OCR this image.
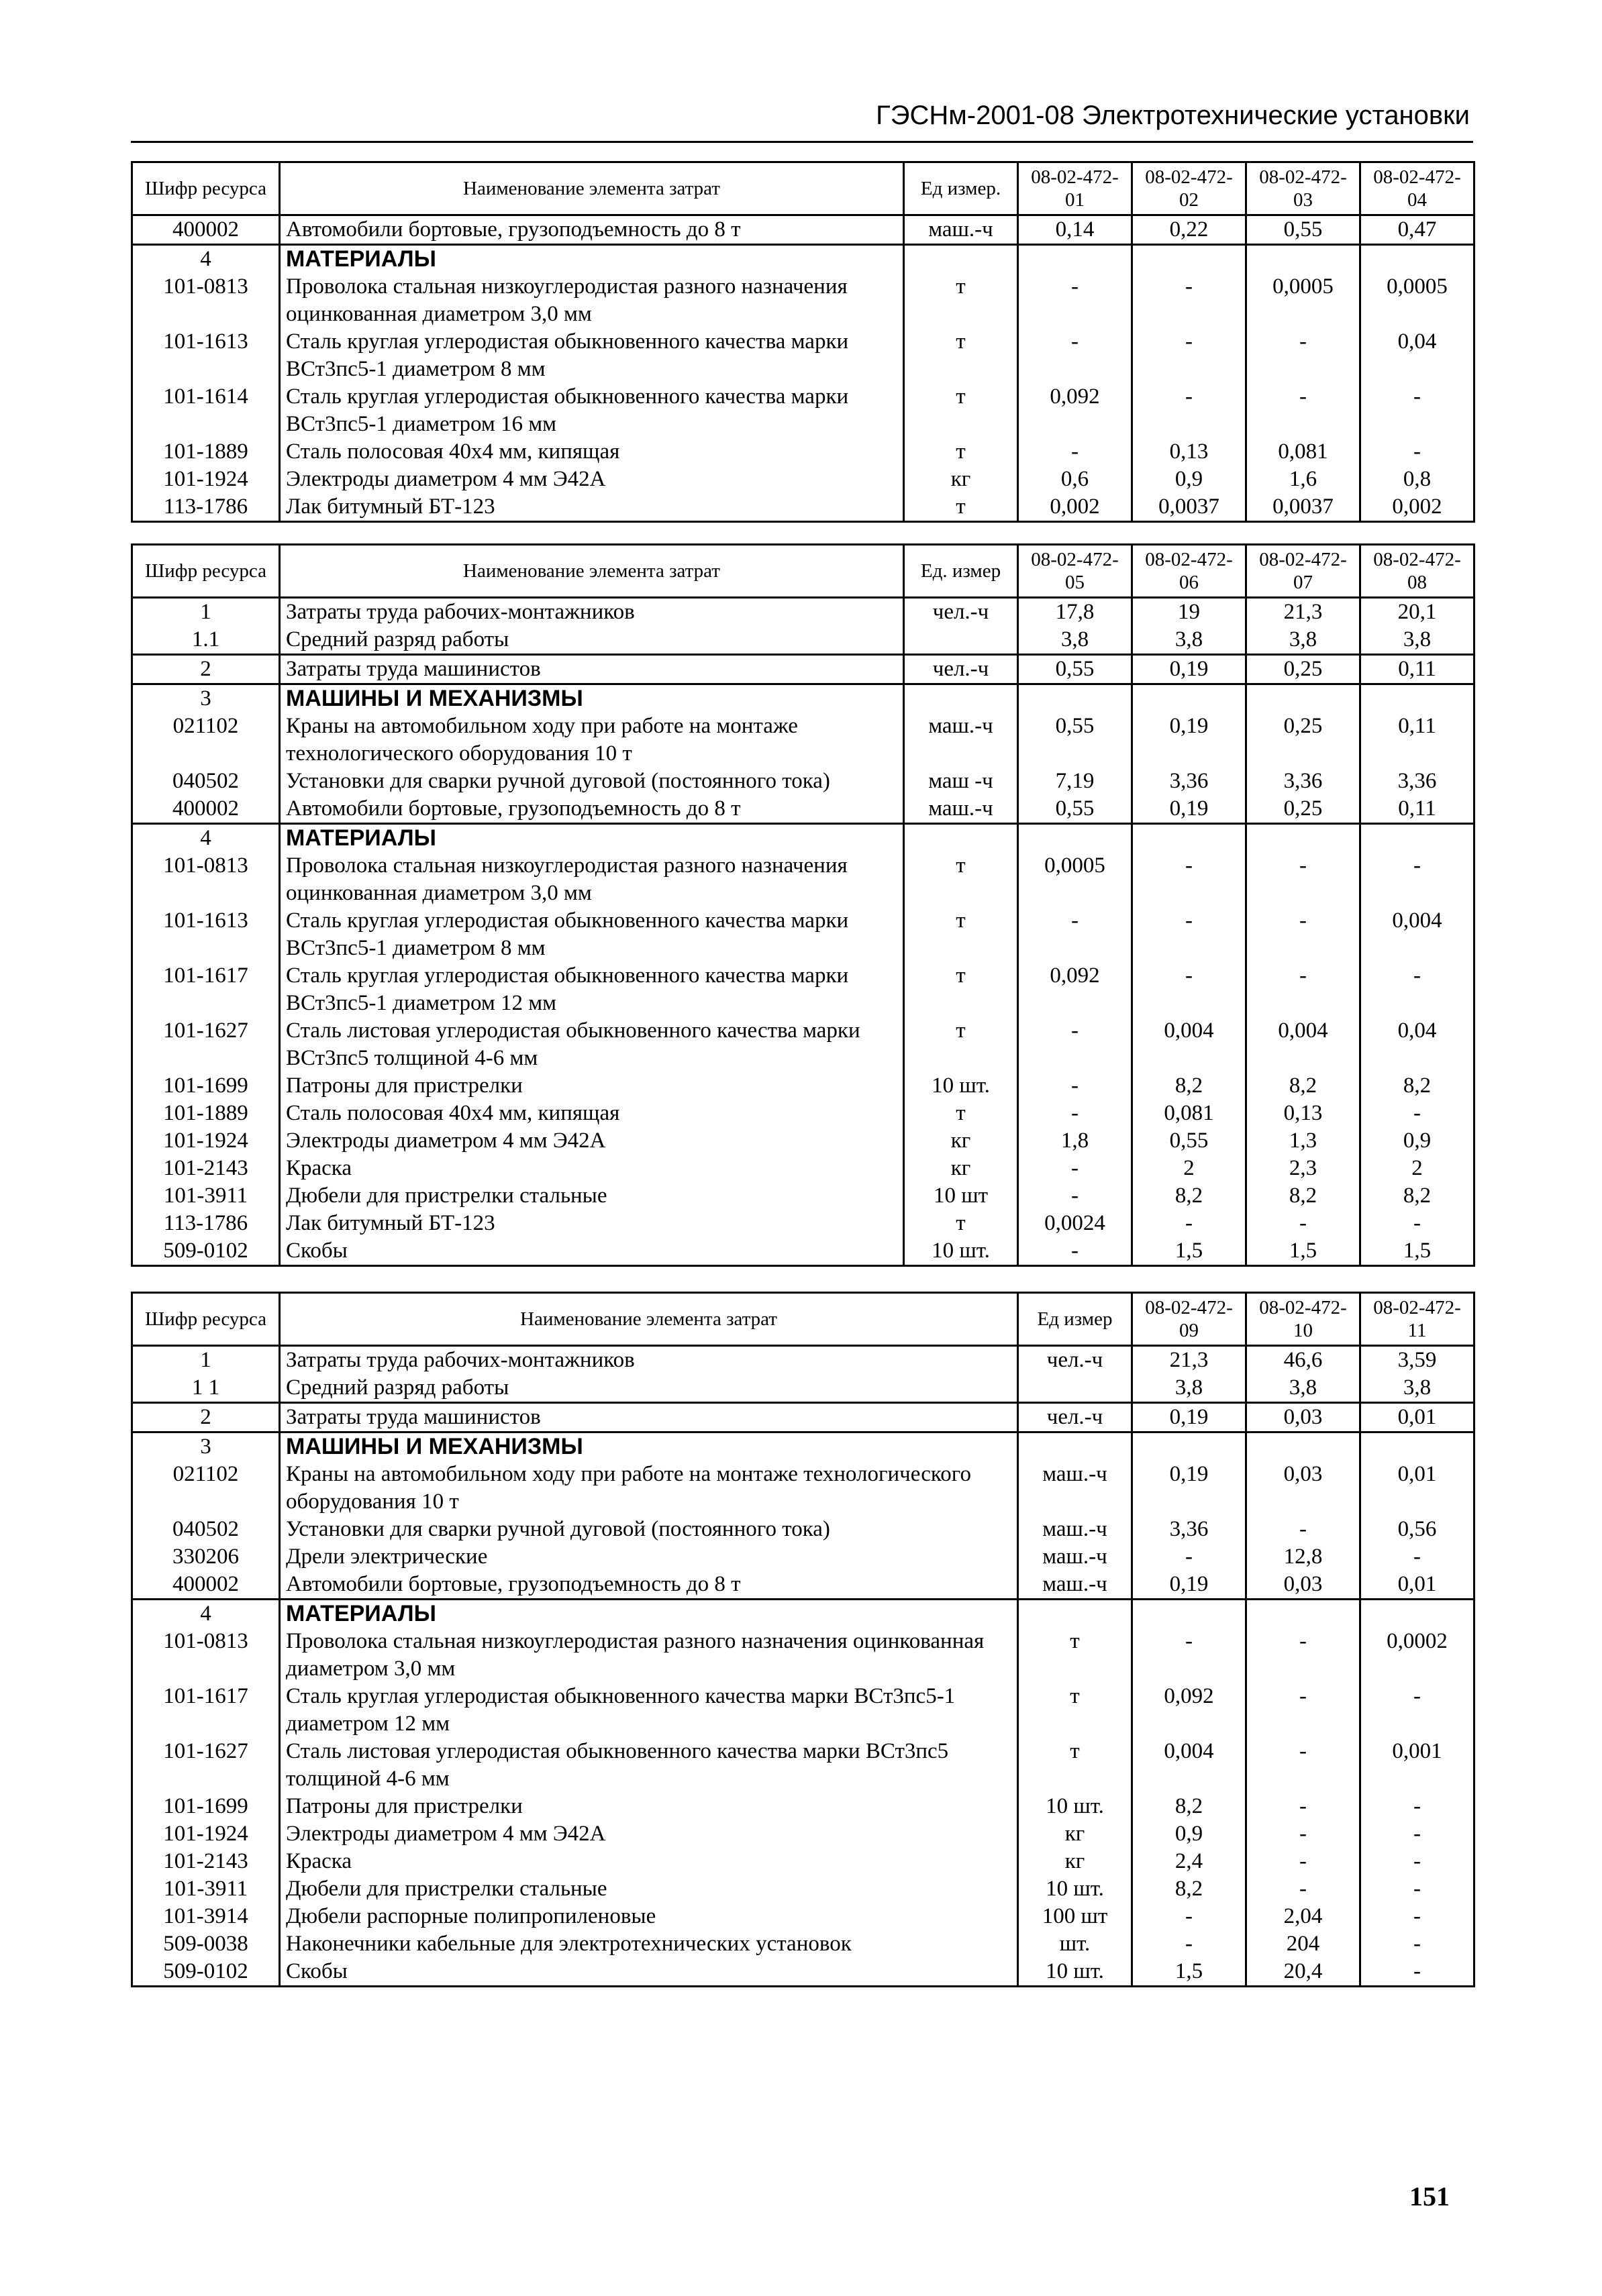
ГЭСНм-2001-08 Электротехнические установки
Шифр ресурса	Наименование элемента затрат	Ед измер.	08-02-472-01	08-02-472-02	08-02-472-03	08-02-472-04
400002	Автомобили бортовые, грузоподъемность до 8 т	маш.-ч	0,14	0,22	0,55	0,47
4	МАТЕРИАЛЫ					
101-0813	Проволока стальная низкоуглеродистая разного назначения оцинкованная диаметром 3,0 мм	т	-	-	0,0005	0,0005
101-1613	Сталь круглая углеродистая обыкновенного качества марки ВСт3пс5-1 диаметром 8 мм	т	-	-	-	0,04
101-1614	Сталь круглая углеродистая обыкновенного качества марки ВСт3пс5-1 диаметром 16 мм	т	0,092	-	-	-
101-1889	Сталь полосовая 40х4 мм, кипящая	т	-	0,13	0,081	-
101-1924	Электроды диаметром 4 мм Э42А	кг	0,6	0,9	1,6	0,8
113-1786	Лак битумный БТ-123	т	0,002	0,0037	0,0037	0,002
Шифр ресурса	Наименование элемента затрат	Ед. измер	08-02-472-05	08-02-472-06	08-02-472-07	08-02-472-08
1	Затраты труда рабочих-монтажников	чел.-ч	17,8	19	21,3	20,1
1.1	Средний разряд работы		3,8	3,8	3,8	3,8
2	Затраты труда машинистов	чел.-ч	0,55	0,19	0,25	0,11
3	МАШИНЫ И МЕХАНИЗМЫ					
021102	Краны на автомобильном ходу при работе на монтаже технологического оборудования 10 т	маш.-ч	0,55	0,19	0,25	0,11
040502	Установки для сварки ручной дуговой (постоянного тока)	маш -ч	7,19	3,36	3,36	3,36
400002	Автомобили бортовые, грузоподъемность до 8 т	маш.-ч	0,55	0,19	0,25	0,11
4	МАТЕРИАЛЫ					
101-0813	Проволока стальная низкоуглеродистая разного назначения оцинкованная диаметром 3,0 мм	т	0,0005	-	-	-
101-1613	Сталь круглая углеродистая обыкновенного качества марки ВСт3пс5-1 диаметром 8 мм	т	-	-	-	0,004
101-1617	Сталь круглая углеродистая обыкновенного качества марки ВСт3пс5-1 диаметром 12 мм	т	0,092	-	-	-
101-1627	Сталь листовая углеродистая обыкновенного качества марки ВСт3пс5 толщиной 4-6 мм	т	-	0,004	0,004	0,04
101-1699	Патроны для пристрелки	10 шт.	-	8,2	8,2	8,2
101-1889	Сталь полосовая 40х4 мм, кипящая	т	-	0,081	0,13	-
101-1924	Электроды диаметром 4 мм Э42А	кг	1,8	0,55	1,3	0,9
101-2143	Краска	кг	-	2	2,3	2
101-3911	Дюбели для пристрелки стальные	10 шт	-	8,2	8,2	8,2
113-1786	Лак битумный БТ-123	т	0,0024	-	-	-
509-0102	Скобы	10 шт.	-	1,5	1,5	1,5
Шифр ресурса	Наименование элемента затрат	Ед измер	08-02-472-09	08-02-472-10	08-02-472-11
1	Затраты труда рабочих-монтажников	чел.-ч	21,3	46,6	3,59
1 1	Средний разряд работы		3,8	3,8	3,8
2	Затраты труда машинистов	чел.-ч	0,19	0,03	0,01
3	МАШИНЫ И МЕХАНИЗМЫ				
021102	Краны на автомобильном ходу при работе на монтаже технологического оборудования 10 т	маш.-ч	0,19	0,03	0,01
040502	Установки для сварки ручной дуговой (постоянного тока)	маш.-ч	3,36	-	0,56
330206	Дрели электрические	маш.-ч	-	12,8	-
400002	Автомобили бортовые, грузоподъемность до 8 т	маш.-ч	0,19	0,03	0,01
4	МАТЕРИАЛЫ				
101-0813	Проволока стальная низкоуглеродистая разного назначения оцинкованная диаметром 3,0 мм	т	-	-	0,0002
101-1617	Сталь круглая углеродистая обыкновенного качества марки ВСт3пс5-1 диаметром 12 мм	т	0,092	-	-
101-1627	Сталь листовая углеродистая обыкновенного качества марки ВСт3пс5 толщиной 4-6 мм	т	0,004	-	0,001
101-1699	Патроны для пристрелки	10 шт.	8,2	-	-
101-1924	Электроды диаметром 4 мм Э42А	кг	0,9	-	-
101-2143	Краска	кг	2,4	-	-
101-3911	Дюбели для пристрелки стальные	10 шт.	8,2	-	-
101-3914	Дюбели распорные полипропиленовые	100 шт	-	2,04	-
509-0038	Наконечники кабельные для электротехнических установок	шт.	-	204	-
509-0102	Скобы	10 шт.	1,5	20,4	-
151
